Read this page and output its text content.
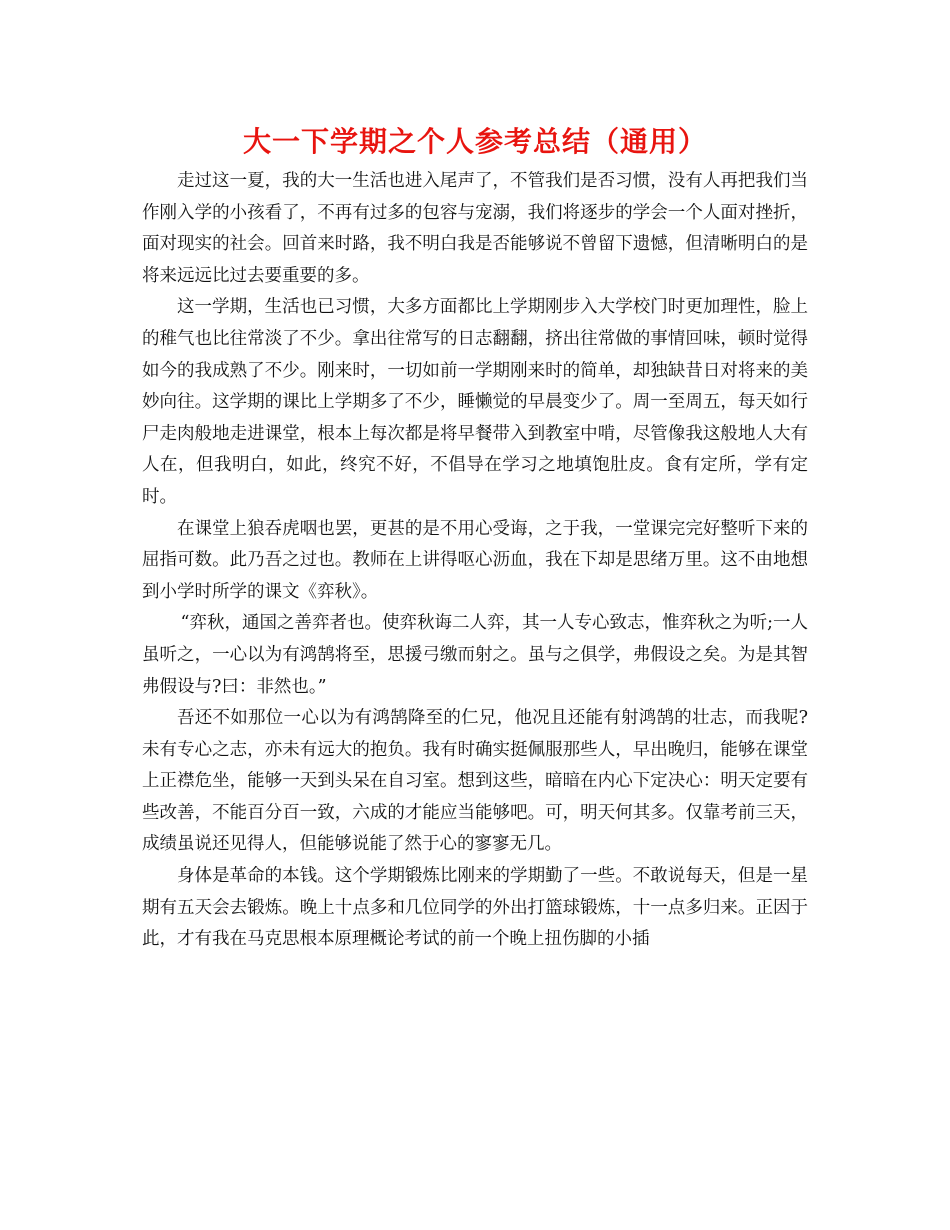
大一下学期之个人参考总结（通用）

走过这一夏，我的大一生活也进入尾声了，不管我们是否习惯，没有人再把我们当作刚入学的小孩看了，不再有过多的包容与宠溺，我们将逐步的学会一个人面对挫折，面对现实的社会。回首来时路，我不明白我是否能够说不曾留下遗憾，但清晰明白的是将来远远比过去要重要的多。

这一学期，生活也已习惯，大多方面都比上学期刚步入大学校门时更加理性，脸上的稚气也比往常淡了不少。拿出往常写的日志翻翻，挤出往常做的事情回味，顿时觉得如今的我成熟了不少。刚来时，一切如前一学期刚来时的简单，却独缺昔日对将来的美妙向往。这学期的课比上学期多了不少，睡懒觉的早晨变少了。周一至周五，每天如行尸走肉般地走进课堂，根本上每次都是将早餐带入到教室中啃，尽管像我这般地人大有人在，但我明白，如此，终究不好，不倡导在学习之地填饱肚皮。食有定所，学有定时。

在课堂上狼吞虎咽也罢，更甚的是不用心受诲，之于我，一堂课完完好整听下来的屈指可数。此乃吾之过也。教师在上讲得呕心沥血，我在下却是思绪万里。这不由地想到小学时所学的课文《弈秋》。

“弈秋，通国之善弈者也。使弈秋诲二人弈，其一人专心致志，惟弈秋之为听;一人虽听之，一心以为有鸿鹄将至，思援弓缴而射之。虽与之俱学，弗假设之矣。为是其智弗假设与?曰：非然也。”

吾还不如那位一心以为有鸿鹄降至的仁兄，他况且还能有射鸿鹄的壮志，而我呢?未有专心之志，亦未有远大的抱负。我有时确实挺佩服那些人，早出晚归，能够在课堂上正襟危坐，能够一天到头呆在自习室。想到这些，暗暗在内心下定决心：明天定要有些改善，不能百分百一致，六成的才能应当能够吧。可，明天何其多。仅靠考前三天，成绩虽说还见得人，但能够说能了然于心的寥寥无几。

身体是革命的本钱。这个学期锻炼比刚来的学期勤了一些。不敢说每天，但是一星期有五天会去锻炼。晚上十点多和几位同学的外出打篮球锻炼，十一点多归来。正因于此，才有我在马克思根本原理概论考试的前一个晚上扭伤脚的小插
